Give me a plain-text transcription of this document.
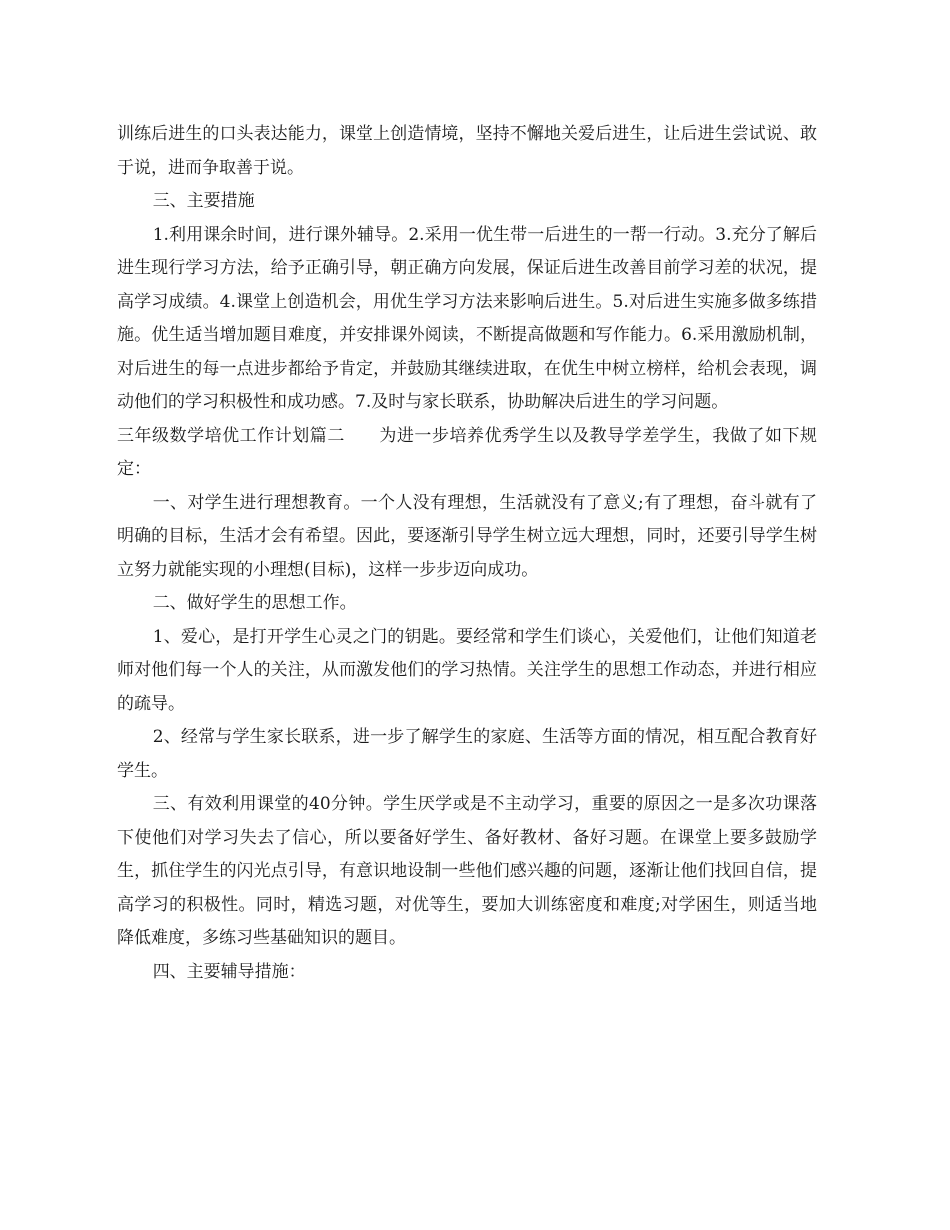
训练后进生的口头表达能力，课堂上创造情境，坚持不懈地关爱后进生，让后进生尝试说、敢于说，进而争取善于说。

三、主要措施

1.利用课余时间，进行课外辅导。2.采用一优生带一后进生的一帮一行动。3.充分了解后进生现行学习方法，给予正确引导，朝正确方向发展，保证后进生改善目前学习差的状况，提高学习成绩。4.课堂上创造机会，用优生学习方法来影响后进生。5.对后进生实施多做多练措施。优生适当增加题目难度，并安排课外阅读，不断提高做题和写作能力。6.采用激励机制，对后进生的每一点进步都给予肯定，并鼓励其继续进取，在优生中树立榜样，给机会表现，调动他们的学习积极性和成功感。7.及时与家长联系，协助解决后进生的学习问题。

三年级数学培优工作计划篇二 为进一步培养优秀学生以及教导学差学生，我做了如下规定：

一、对学生进行理想教育。一个人没有理想，生活就没有了意义;有了理想，奋斗就有了明确的目标，生活才会有希望。因此，要逐渐引导学生树立远大理想，同时，还要引导学生树立努力就能实现的小理想(目标)，这样一步步迈向成功。

二、做好学生的思想工作。

1、爱心，是打开学生心灵之门的钥匙。要经常和学生们谈心，关爱他们，让他们知道老师对他们每一个人的关注，从而激发他们的学习热情。关注学生的思想工作动态，并进行相应的疏导。

2、经常与学生家长联系，进一步了解学生的家庭、生活等方面的情况，相互配合教育好学生。

三、有效利用课堂的40分钟。学生厌学或是不主动学习，重要的原因之一是多次功课落下使他们对学习失去了信心，所以要备好学生、备好教材、备好习题。在课堂上要多鼓励学生，抓住学生的闪光点引导，有意识地设制一些他们感兴趣的问题，逐渐让他们找回自信，提高学习的积极性。同时，精选习题，对优等生，要加大训练密度和难度;对学困生，则适当地降低难度，多练习些基础知识的题目。

四、主要辅导措施：
